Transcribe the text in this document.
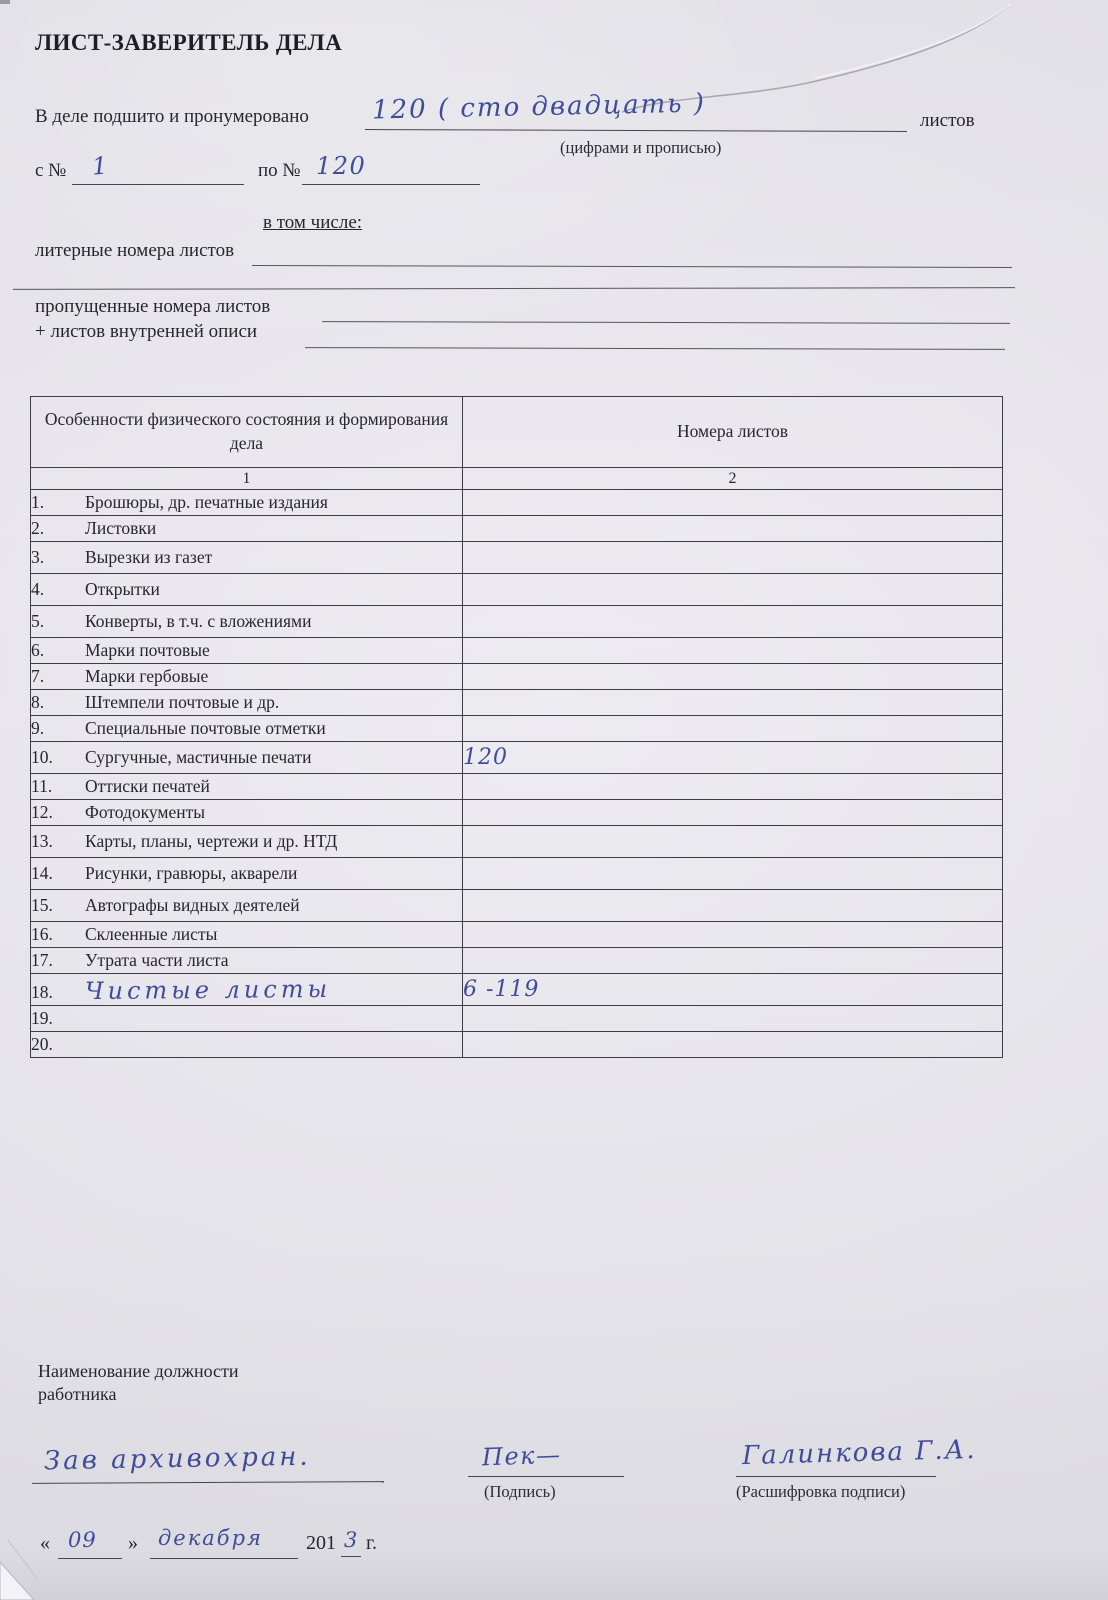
ЛИСТ-ЗАВЕРИТЕЛЬ ДЕЛА
В деле подшито и пронумеровано 120 ( сто двадцать )	листов
(цифрами и прописью)
с № 1	по № 120
в том числе:
литерные номера листов
пропущенные номера листов
+ листов внутренней описи
Особенности физического состояния и формирования дела	Номера листов
1	2
1. Брошюры, др. печатные издания	
2. Листовки	
3. Вырезки из газет	
4. Открытки	
5. Конверты, в т.ч. с вложениями	
6. Марки почтовые	
7. Марки гербовые	
8. Штемпели почтовые и др.	
9. Специальные почтовые отметки	
10. Сургучные, мастичные печати	120
11. Оттиски печатей	
12. Фотодокументы	
13. Карты, планы, чертежи и др. НТД	
14. Рисунки, гравюры, акварели	
15. Автографы видных деятелей	
16. Склеенные листы	
17. Утрата части листа	
18. Чистые листы	6 -119
19.	
20.	
Наименование должности
работника
Зав архивохран.	Пек—
(Подпись)
Галинкова Г.А.
(Расшифровка подписи)
« 09 » декабря 201 3 г.
